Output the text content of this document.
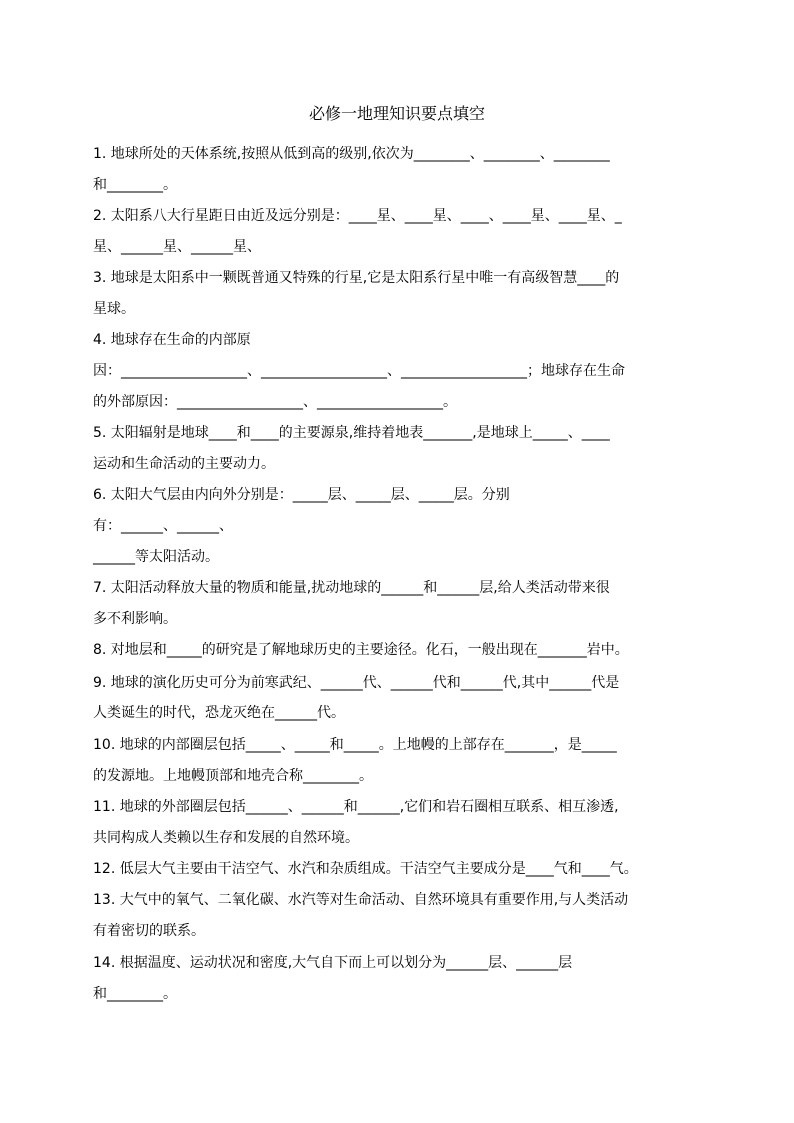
必修一地理知识要点填空
1. 地球所处的天体系统,按照从低到高的级别,依次为________、________、________
和________。
2. 太阳系八大行星距日由近及远分别是：____星、____星、____、____星、____星、_
星、______星、______星、
3. 地球是太阳系中一颗既普通又特殊的行星,它是太阳系行星中唯一有高级智慧____的
星球。
4. 地球存在生命的内部原
因：__________________、__________________、__________________；地球存在生命
的外部原因：__________________、__________________。
5. 太阳辐射是地球____和____的主要源泉,维持着地表_______,是地球上_____、____
运动和生命活动的主要动力。
6. 太阳大气层由内向外分别是：_____层、_____层、_____层。分别
有：______、______、
______等太阳活动。
7. 太阳活动释放大量的物质和能量,扰动地球的______和______层,给人类活动带来很
多不利影响。
8. 对地层和_____的研究是了解地球历史的主要途径。化石，一般出现在_______岩中。
9. 地球的演化历史可分为前寒武纪、______代、______代和______代,其中______代是
人类诞生的时代，恐龙灭绝在______代。
10. 地球的内部圈层包括_____、_____和_____。上地幔的上部存在_______，是_____
的发源地。上地幔顶部和地壳合称________。
11. 地球的外部圈层包括______、______和______,它们和岩石圈相互联系、相互渗透,
共同构成人类赖以生存和发展的自然环境。
12. 低层大气主要由干洁空气、水汽和杂质组成。干洁空气主要成分是____气和____气。
13. 大气中的氧气、二氧化碳、水汽等对生命活动、自然环境具有重要作用,与人类活动
有着密切的联系。
14. 根据温度、运动状况和密度,大气自下而上可以划分为______层、______层
和________。
